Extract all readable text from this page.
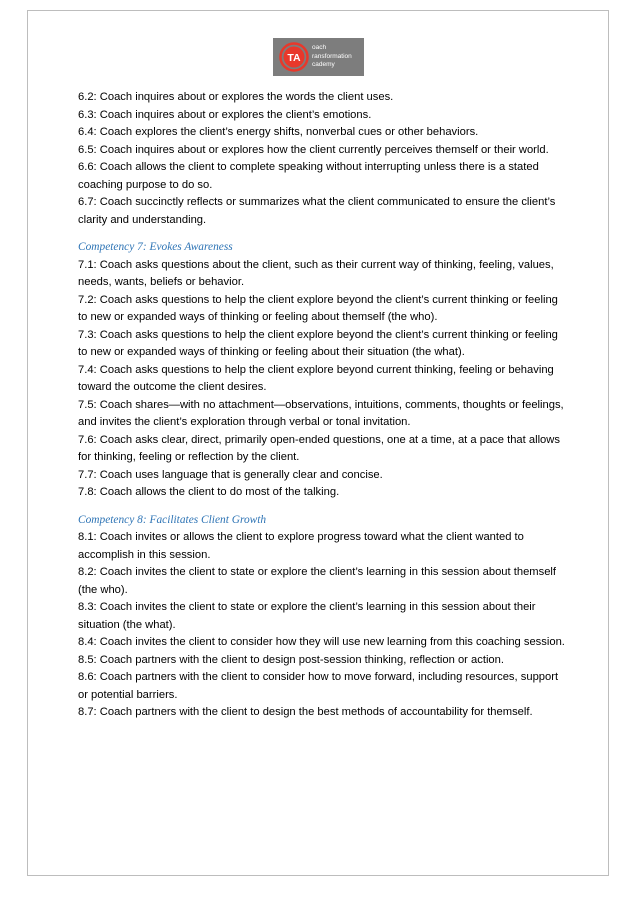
TA
oach
ransformation
cademy

6.2: Coach inquires about or explores the words the client uses.

6.3: Coach inquires about or explores the client’s emotions.

6.4: Coach explores the client’s energy shifts, nonverbal cues or other behaviors.

6.5: Coach inquires about or explores how the client currently perceives themself or their world.

6.6: Coach allows the client to complete speaking without interrupting unless there is a stated coaching purpose to do so.

6.7: Coach succinctly reflects or summarizes what the client communicated to ensure the client’s clarity and understanding.

Competency 7: Evokes Awareness

7.1: Coach asks questions about the client, such as their current way of thinking, feeling, values, needs, wants, beliefs or behavior.

7.2: Coach asks questions to help the client explore beyond the client’s current thinking or feeling to new or expanded ways of thinking or feeling about themself (the who).

7.3: Coach asks questions to help the client explore beyond the client’s current thinking or feeling to new or expanded ways of thinking or feeling about their situation (the what).

7.4: Coach asks questions to help the client explore beyond current thinking, feeling or behaving toward the outcome the client desires.

7.5: Coach shares—with no attachment—observations, intuitions, comments, thoughts or feelings, and invites the client’s exploration through verbal or tonal invitation.

7.6: Coach asks clear, direct, primarily open-ended questions, one at a time, at a pace that allows for thinking, feeling or reflection by the client.

7.7: Coach uses language that is generally clear and concise.

7.8: Coach allows the client to do most of the talking.

Competency 8: Facilitates Client Growth

8.1: Coach invites or allows the client to explore progress toward what the client wanted to accomplish in this session.

8.2: Coach invites the client to state or explore the client’s learning in this session about themself (the who).

8.3: Coach invites the client to state or explore the client’s learning in this session about their situation (the what).

8.4: Coach invites the client to consider how they will use new learning from this coaching session.

8.5: Coach partners with the client to design post-session thinking, reflection or action.

8.6: Coach partners with the client to consider how to move forward, including resources, support or potential barriers.

8.7: Coach partners with the client to design the best methods of accountability for themself.
